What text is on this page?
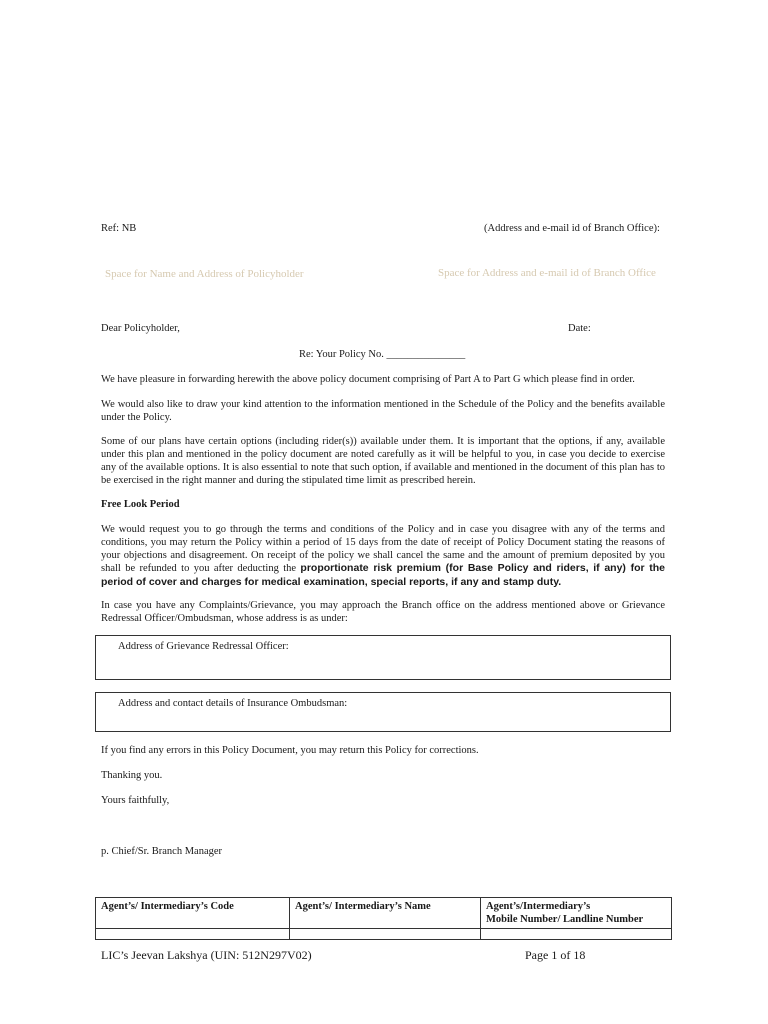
Ref: NB	(Address and e-mail id of Branch Office):
Space for Name and Address of Policyholder	Space for Address and e-mail id of Branch Office
Dear Policyholder,	Date:
Re: Your Policy No. _______________
We have pleasure in forwarding herewith the above policy document comprising of Part A to Part G which please find in order.
We would also like to draw your kind attention to the information mentioned in the Schedule of the Policy and the benefits available under the Policy.
Some of our plans have certain options (including rider(s)) available under them. It is important that the options, if any, available under this plan and mentioned in the policy document are noted carefully as it will be helpful to you, in case you decide to exercise any of the available options. It is also essential to note that such option, if available and mentioned in the document of this plan has to be exercised in the right manner and during the stipulated time limit as prescribed herein.
Free Look Period
We would request you to go through the terms and conditions of the Policy and in case you disagree with any of the terms and conditions, you may return the Policy within a period of 15 days from the date of receipt of Policy Document stating the reasons of your objections and disagreement. On receipt of the policy we shall cancel the same and the amount of premium deposited by you shall be refunded to you after deducting the proportionate risk premium (for Base Policy and riders, if any) for the period of cover and charges for medical examination, special reports, if any and stamp duty.
In case you have any Complaints/Grievance, you may approach the Branch office on the address mentioned above or Grievance Redressal Officer/Ombudsman, whose address is as under:
Address of Grievance Redressal Officer:
Address and contact details of Insurance Ombudsman:
If you find any errors in this Policy Document, you may return this Policy for corrections.
Thanking you.
Yours faithfully,
p. Chief/Sr. Branch Manager
Agent’s/ Intermediary’s Code	Agent’s/ Intermediary’s Name	Agent’s/Intermediary’s
Mobile Number/ Landline Number

LIC’s Jeevan Lakshya (UIN: 512N297V02)	Page 1 of 18
